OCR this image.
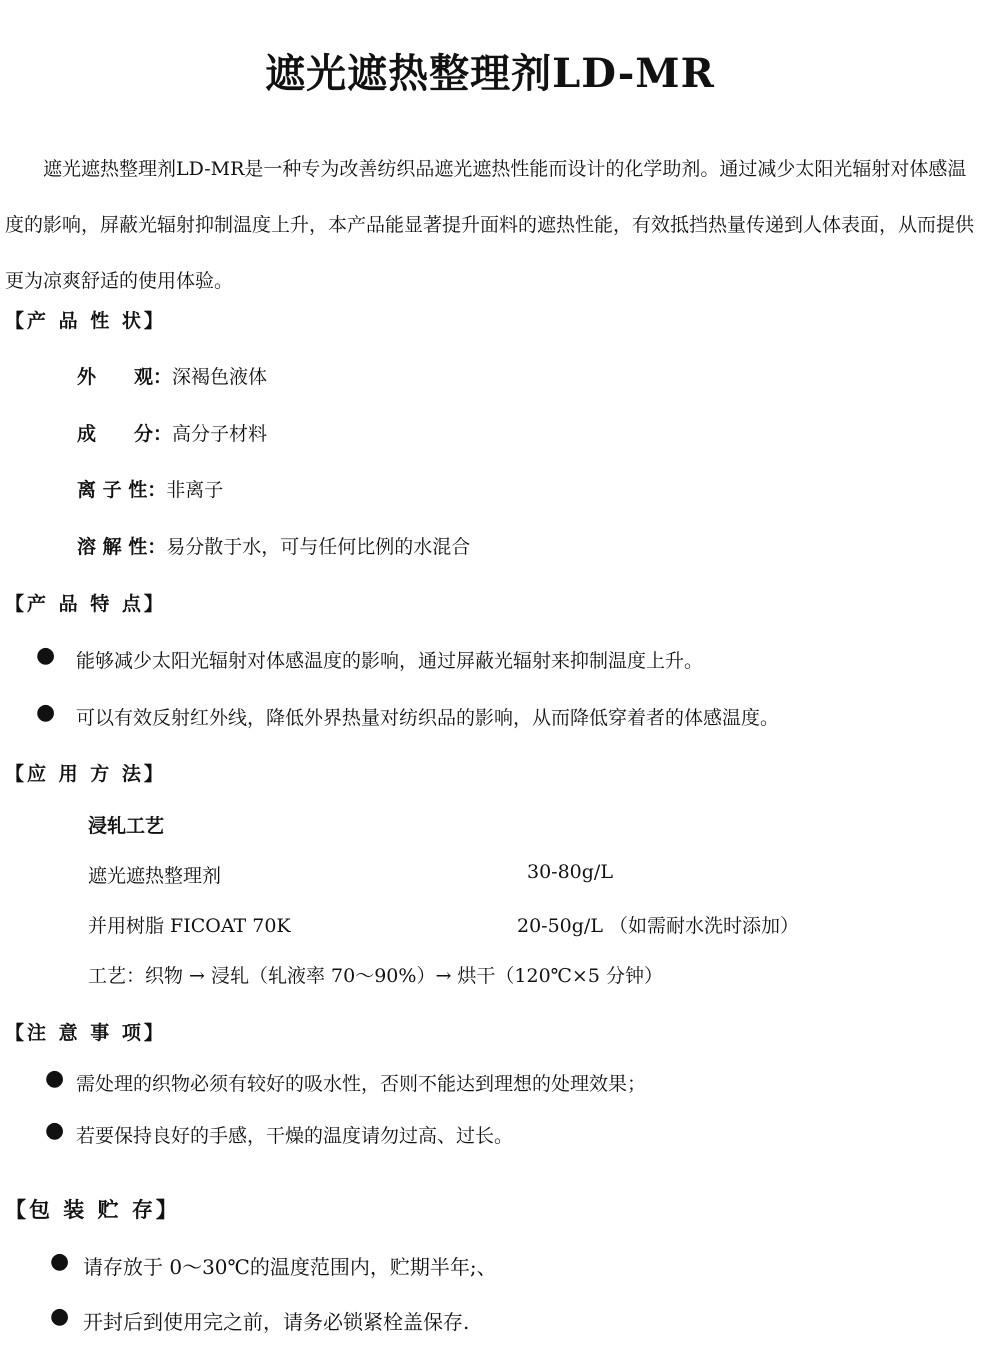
遮光遮热整理剂LD-MR
遮光遮热整理剂LD-MR是一种专为改善纺织品遮光遮热性能而设计的化学助剂。通过减少太阳光辐射对体感温度的影响，屏蔽光辐射抑制温度上升，本产品能显著提升面料的遮热性能，有效抵挡热量传递到人体表面，从而提供更为凉爽舒适的使用体验。
【产 品 性 状】
外　　观：深褐色液体
成　　分：高分子材料
离 子 性：非离子
溶 解 性：易分散于水，可与任何比例的水混合
【产 品 特 点】
● 能够减少太阳光辐射对体感温度的影响，通过屏蔽光辐射来抑制温度上升。
● 可以有效反射红外线，降低外界热量对纺织品的影响，从而降低穿着者的体感温度。
【应 用 方 法】
浸轧工艺
遮光遮热整理剂	30-80g/L
并用树脂 FICOAT 70K	20-50g/L （如需耐水洗时添加）
工艺：织物 → 浸轧（轧液率 70～90%）→ 烘干（120℃×5 分钟）
【注 意 事 项】
● 需处理的织物必须有较好的吸水性，否则不能达到理想的处理效果；
● 若要保持良好的手感，干燥的温度请勿过高、过长。
【包 装 贮 存】
● 请存放于 0～30℃的温度范围内，贮期半年;、
● 开封后到使用完之前，请务必锁紧栓盖保存.
